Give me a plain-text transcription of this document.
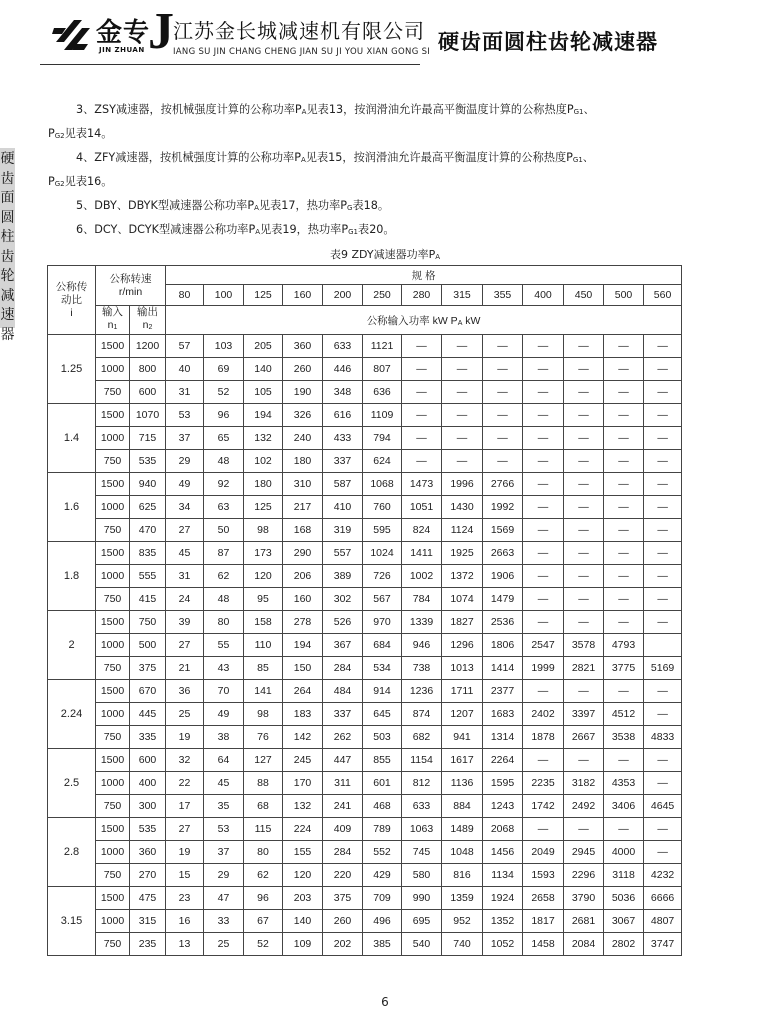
金专
JIN ZHUAN J 江苏金长城减速机有限公司
IANG SU JIN CHANG CHENG JIAN SU JI YOU XIAN GONG SI 硬齿面圆柱齿轮减速器
硬
齿
面
圆
柱
齿
轮
减
速
器

3、ZSY减速器，按机械强度计算的公称功率$P_A$见表13，按润滑油允许最高平衡温度计算的公称热度$P_{G1}$、

$P_{G2}$见表14。

4、ZFY减速器，按机械强度计算的公称功率$P_A$见表15，按润滑油允许最高平衡温度计算的公称热度$P_{G1}$、

$P_{G2}$见表16。

5、DBY、DBYK型减速器公称功率$P_A$见表17，热功率$P_G$表18。

6、DCY、DCYK型减速器公称功率$P_A$见表19，热功率$P_{G1}$表20。

表9 ZDY减速器功率$P_A$
公称传
动比
i	公称转速
r/min		规 格												
			80	100	125	160	200	250	280	315	355	400	450	500	560
	输入
$n_1$	输出
$n_2$	公称输入功率 kW $P_A$ kW												
1.25	1500	1200	57	103	205	360	633	1121	—	—	—	—	—	—	—
	1000	800	40	69	140	260	446	807	—	—	—	—	—	—	—
	750	600	31	52	105	190	348	636	—	—	—	—	—	—	—
1.4	1500	1070	53	96	194	326	616	1109	—	—	—	—	—	—	—
	1000	715	37	65	132	240	433	794	—	—	—	—	—	—	—
	750	535	29	48	102	180	337	624	—	—	—	—	—	—	—
1.6	1500	940	49	92	180	310	587	1068	1473	1996	2766	—	—	—	—
	1000	625	34	63	125	217	410	760	1051	1430	1992	—	—	—	—
	750	470	27	50	98	168	319	595	824	1124	1569	—	—	—	—
1.8	1500	835	45	87	173	290	557	1024	1411	1925	2663	—	—	—	—
	1000	555	31	62	120	206	389	726	1002	1372	1906	—	—	—	—
	750	415	24	48	95	160	302	567	784	1074	1479	—	—	—	—
2	1500	750	39	80	158	278	526	970	1339	1827	2536	—	—	—	—
	1000	500	27	55	110	194	367	684	946	1296	1806	2547	3578	4793	
	750	375	21	43	85	150	284	534	738	1013	1414	1999	2821	3775	5169
2.24	1500	670	36	70	141	264	484	914	1236	1711	2377	—	—	—	—
	1000	445	25	49	98	183	337	645	874	1207	1683	2402	3397	4512	—
	750	335	19	38	76	142	262	503	682	941	1314	1878	2667	3538	4833
2.5	1500	600	32	64	127	245	447	855	1154	1617	2264	—	—	—	—
	1000	400	22	45	88	170	311	601	812	1136	1595	2235	3182	4353	—
	750	300	17	35	68	132	241	468	633	884	1243	1742	2492	3406	4645
2.8	1500	535	27	53	115	224	409	789	1063	1489	2068	—	—	—	—
	1000	360	19	37	80	155	284	552	745	1048	1456	2049	2945	4000	—
	750	270	15	29	62	120	220	429	580	816	1134	1593	2296	3118	4232
3.15	1500	475	23	47	96	203	375	709	990	1359	1924	2658	3790	5036	6666
	1000	315	16	33	67	140	260	496	695	952	1352	1817	2681	3067	4807
	750	235	13	25	52	109	202	385	540	740	1052	1458	2084	2802	3747
6
